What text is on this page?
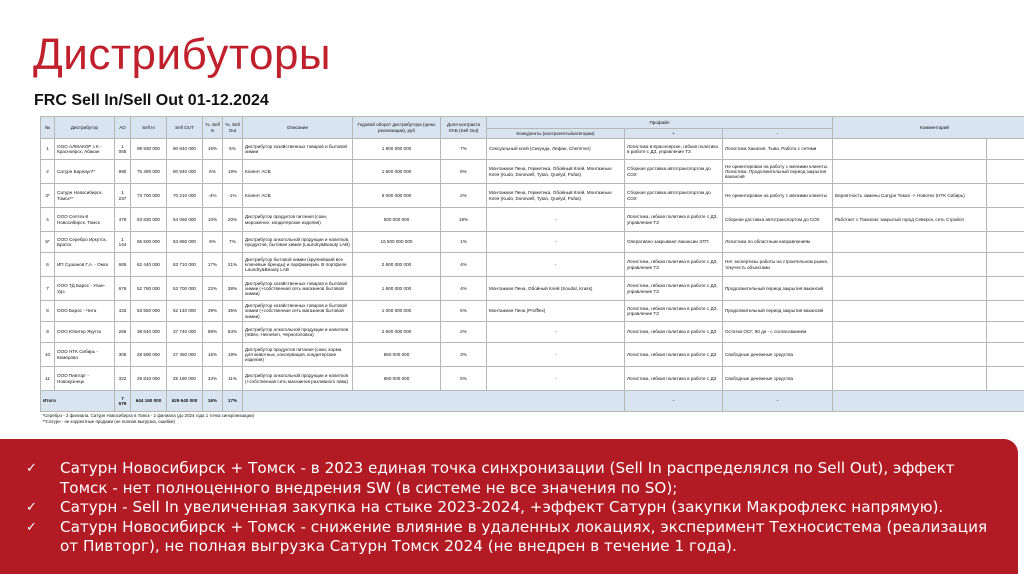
Дистрибуторы
FRC Sell In/Sell Out 01-12.2024
№	Дистрибутор	АО	Sell In	Sell OUT	%, Sell In	%, Sell Out	Описание	Годовой оборот дистрибутора (цены реализации), руб	Доля контракта ЛАБ (Sell Out)	Профайл			Комментарий	
										Конкуренты (контрагенты/категории)	+	-		
1	ООО АЛМАКОР з К - Красноярск, Абакан	1 065	99 930 000	90 640 000	15%	5%	Дистрибутор хозяйственных товаров и бытовой химии	1 800 000 000	7%	Сексуальный клей (Секунда, Лефан, Chemmer)	Логистика в Красноярске, гибкая политика в работе с ДЗ, управление ТЗ	Логистика Хакасия, Тыва. Работа с сетями		
2	Сатурн Барнаул**	990	75 390 000	80 940 000	6%	19%	Клиент АСВ	1 500 000 000	8%	Монтажная Пена, Герметика, Обойный Клей, Монтажные Клея (Kudo, Donewell, Tytan, Quelyd, Pufas)	Сборная доставка автотранспортом до СОХ	Не ориентирован на работу с мелкими клиенты. Логистика. Продолжительный период закрытия вакансий		
3*	Сатурн Новосибирск, Томск**	1 237	73 700 000	70 210 000	-4%	-1%	Клиент АСВ	6 000 000 000	2%	Монтажная Пена, Герметика, Обойный Клей, Монтажные Клея (Kudo, Donewell, Tytan, Quelyd, Pufas)	Сборная доставка автотранспортом до СОХ	Не ориентирован на работу с мелкими клиенты	Вероятность замены Сатурн Томск -> Новотех (НТК Сибирь)	
4	ООО Селтез-8 Новосибирск, Томск	476	63 830 000	64 060 000	10%	20%	Дистрибутор продуктов питания (соки, мороженое, кондитерские изделия)	500 000 000	19%	-	Логистика, гибкая политика в работе с ДЗ, управление ТЗ	Сборная доставка автотранспортом до СОХ	Работает с Томском: закрытый город Северск, сеть Стройся	
5*	ООО Серебро Иркутск, Братск	1 144	65 500 000	63 860 000	9%	7%	Дистрибутор алкогольной продукции и напитков, продуктов, бытовая химия (Laundry&Beauty LAB)	16 500 000 000	1%	-	Оперативно закрывают вакансии ЭТП	Логистика по областным направлениям		
6	ИП Сушанов Г.А. - Омск	665	62 440 000	63 710 000	17%	21%	Дистрибутор бытовой химии (крупнейший все ключевые бренды) и парфюмерии. В портфеле Laundry&Beauty LAB	2 500 000 000	4%	-	Логистика, гибкая политика в работе с ДЗ, управление ТЗ	Нет экспертизы работы на строительном рынке, текучесть объектами		
7	ООО ТД Барос - Улан-Удэ	676	52 780 000	53 700 000	22%	38%	Дистрибутор хозяйственных товаров и бытовой химии (+собственная сеть магазинов бытовой химии)	1 500 000 000	4%	Монтажная Пена, Обойный Клей (Soudal, Krass)	Логистика, гибкая политика в работе с ДЗ, управление ТЗ	Продолжительный период закрытия вакансий		
8	ООО Барос - Чита	433	53 550 000	52 140 000	39%	35%	Дистрибутор хозяйственных товаров и бытовой химии (+собственная сеть магазинов бытовой химии)	1 000 000 000	5%	Монтажная Пена (Profflex)	Логистика, гибкая политика в работе с ДЗ, управление ТЗ	Продолжительный период закрытия вакансий		
9	ООО Юпитер Якутск	266	38 640 000	37 740 000	98%	84%	Дистрибутор алкогольной продукции и напитков (InBev, Heineken, Черноголовка)	2 600 000 000	2%	-	Логистика, гибкая политика в работе с ДЗ	Остатки ОСГ, 90 дн - с согласованием		
10	ООО НТК Сибирь - Кемерово	305	28 590 000	27 450 000	16%	18%	Дистрибутор продуктов питания (соки, корма для животных, консервация, кондитерские изделия)	860 000 000	3%	-	Логистика, гибкая политика в работе с ДЗ	Свободные денежные средства		
11	ООО Пивторг - Новокузнецк	322	29 810 000	25 190 000	32%	11%	Дистрибутор алкогольной продукции и напитков (+собственная сеть магазинов разливного пива)	650 000 000	6%	-	Логистика, гибкая политика в работе с ДЗ	Свободные денежные средства		
Итого		7 579	644 160 000	629 640 000	16%	17%					-	-		
*Серебро - 2 филиала. Сатурн Новосибирск в Томск - 2 филиала (до 2024 года 1 точка синхронизации)														
**Сатурн - не корректные продажи (не полная выгрузка, ошибки)														
✓ Сатурн Новосибирск + Томск - в 2023 единая точка синхронизации (Sell In распределялся по Sell Out), эффект Томск - нет полноценного внедрения SW (в системе не все значения по SO);
✓ Сатурн - Sell In увеличенная закупка на стыке 2023-2024, +эффект Сатурн (закупки Макрофлекс напрямую).
✓ Сатурн Новосибирск + Томск - снижение влияние в удаленных локациях, эксперимент Техносистема (реализация от Пивторг), не полная выгрузка Сатурн Томск 2024 (не внедрен в течение 1 года).
